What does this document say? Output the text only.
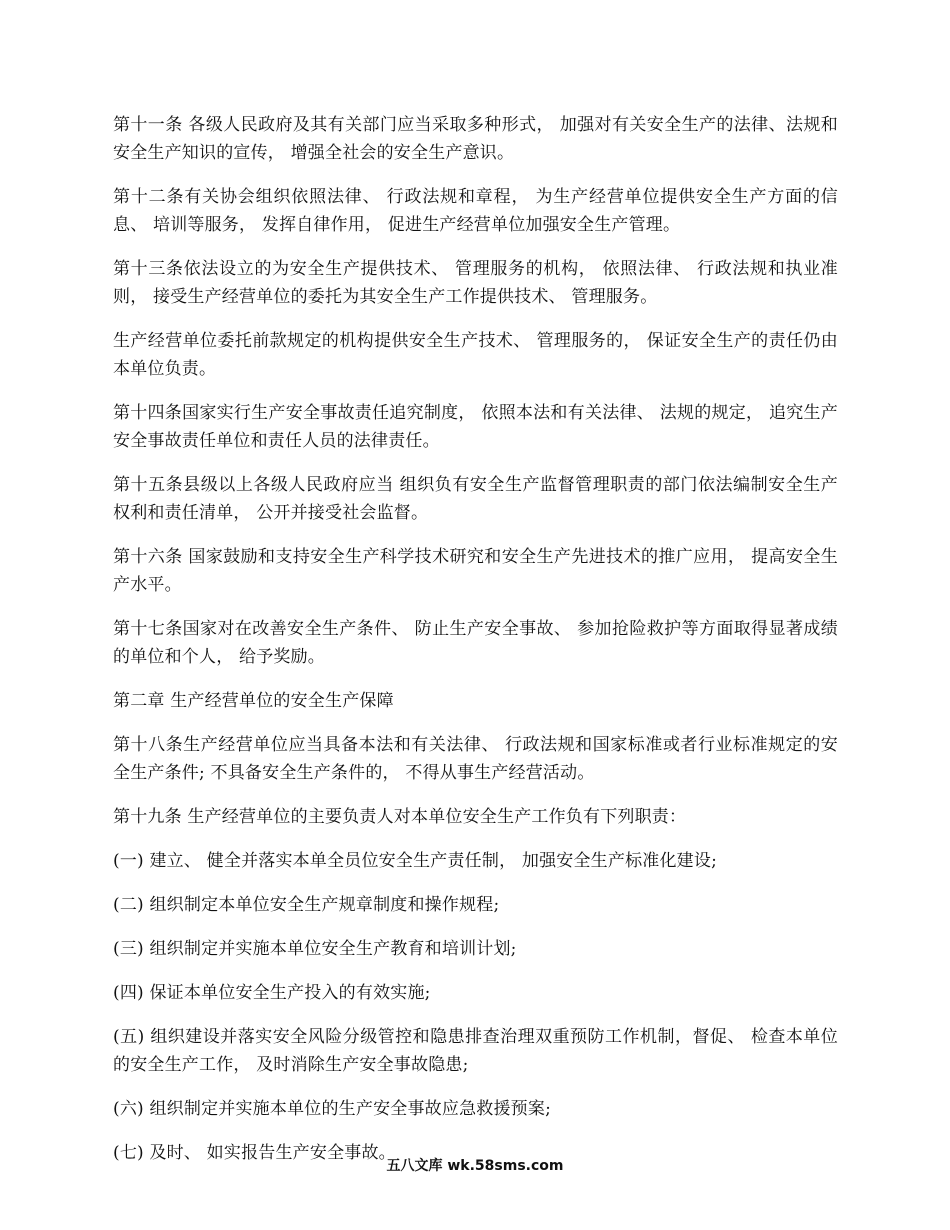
第十一条 各级人民政府及其有关部门应当采取多种形式， 加强对有关安全生产的法律、法规和安全生产知识的宣传， 增强全社会的安全生产意识。

第十二条有关协会组织依照法律、 行政法规和章程， 为生产经营单位提供安全生产方面的信息、 培训等服务， 发挥自律作用， 促进生产经营单位加强安全生产管理。

第十三条依法设立的为安全生产提供技术、 管理服务的机构， 依照法律、 行政法规和执业准则， 接受生产经营单位的委托为其安全生产工作提供技术、 管理服务。

生产经营单位委托前款规定的机构提供安全生产技术、 管理服务的， 保证安全生产的责任仍由本单位负责。

第十四条国家实行生产安全事故责任追究制度， 依照本法和有关法律、 法规的规定， 追究生产安全事故责任单位和责任人员的法律责任。

第十五条县级以上各级人民政府应当 组织负有安全生产监督管理职责的部门依法编制安全生产权利和责任清单， 公开并接受社会监督。

第十六条 国家鼓励和支持安全生产科学技术研究和安全生产先进技术的推广应用， 提高安全生产水平。

第十七条国家对在改善安全生产条件、 防止生产安全事故、 参加抢险救护等方面取得显著成绩的单位和个人， 给予奖励。

第二章 生产经营单位的安全生产保障

第十八条生产经营单位应当具备本法和有关法律、 行政法规和国家标准或者行业标准规定的安全生产条件; 不具备安全生产条件的， 不得从事生产经营活动。

第十九条 生产经营单位的主要负责人对本单位安全生产工作负有下列职责：

(一) 建立、 健全并落实本单全员位安全生产责任制， 加强安全生产标准化建设;

(二) 组织制定本单位安全生产规章制度和操作规程;

(三) 组织制定并实施本单位安全生产教育和培训计划;

(四) 保证本单位安全生产投入的有效实施;

(五) 组织建设并落实安全风险分级管控和隐患排查治理双重预防工作机制，督促、 检查本单位的安全生产工作， 及时消除生产安全事故隐患;

(六) 组织制定并实施本单位的生产安全事故应急救援预案;

(七) 及时、 如实报告生产安全事故。

五八文库 wk.58sms.com
